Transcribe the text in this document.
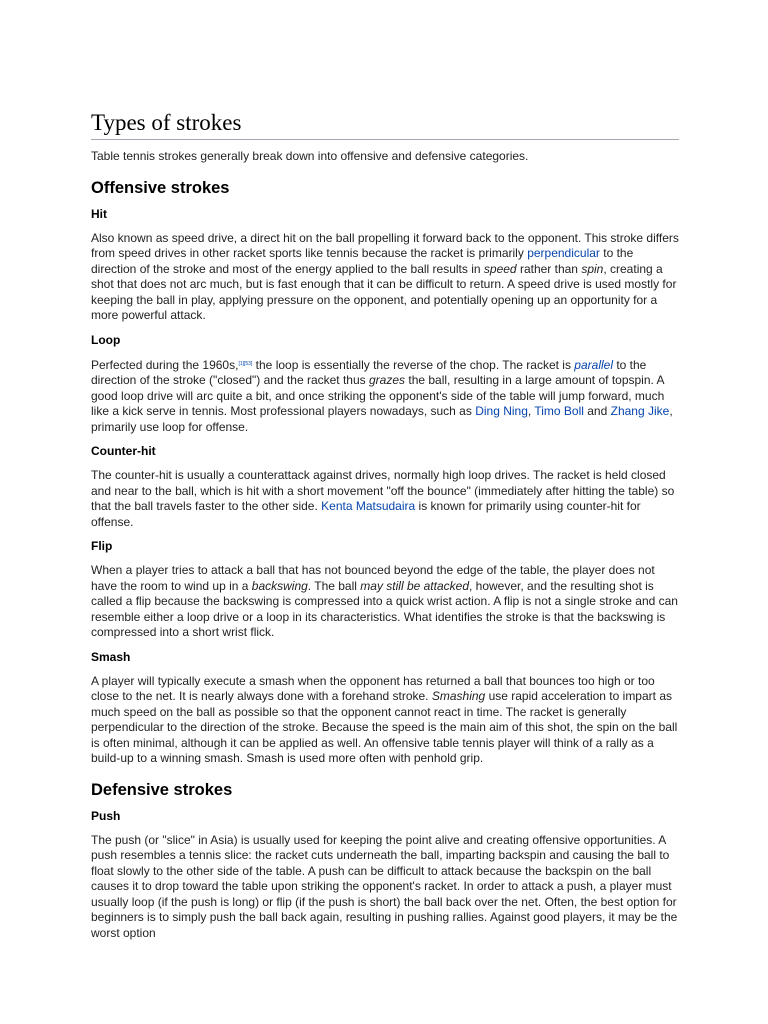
Types of strokes

Table tennis strokes generally break down into offensive and defensive categories.

Offensive strokes
Hit

Also known as speed drive, a direct hit on the ball propelling it forward back to the opponent. This stroke differs from speed drives in other racket sports like tennis because the racket is primarily perpendicular to the direction of the stroke and most of the energy applied to the ball results in speed rather than spin, creating a shot that does not arc much, but is fast enough that it can be difficult to return. A speed drive is used mostly for keeping the ball in play, applying pressure on the opponent, and potentially opening up an opportunity for a more powerful attack.

Loop

Perfected during the 1960s,[1][53] the loop is essentially the reverse of the chop. The racket is parallel to the direction of the stroke ("closed") and the racket thus grazes the ball, resulting in a large amount of topspin. A good loop drive will arc quite a bit, and once striking the opponent's side of the table will jump forward, much like a kick serve in tennis. Most professional players nowadays, such as Ding Ning, Timo Boll and Zhang Jike, primarily use loop for offense.

Counter-hit

The counter-hit is usually a counterattack against drives, normally high loop drives. The racket is held closed and near to the ball, which is hit with a short movement "off the bounce" (immediately after hitting the table) so that the ball travels faster to the other side. Kenta Matsudaira is known for primarily using counter-hit for offense.

Flip

When a player tries to attack a ball that has not bounced beyond the edge of the table, the player does not have the room to wind up in a backswing. The ball may still be attacked, however, and the resulting shot is called a flip because the backswing is compressed into a quick wrist action. A flip is not a single stroke and can resemble either a loop drive or a loop in its characteristics. What identifies the stroke is that the backswing is compressed into a short wrist flick.

Smash

A player will typically execute a smash when the opponent has returned a ball that bounces too high or too close to the net. It is nearly always done with a forehand stroke. Smashing use rapid acceleration to impart as much speed on the ball as possible so that the opponent cannot react in time. The racket is generally perpendicular to the direction of the stroke. Because the speed is the main aim of this shot, the spin on the ball is often minimal, although it can be applied as well. An offensive table tennis player will think of a rally as a build-up to a winning smash. Smash is used more often with penhold grip.

Defensive strokes
Push

The push (or "slice" in Asia) is usually used for keeping the point alive and creating offensive opportunities. A push resembles a tennis slice: the racket cuts underneath the ball, imparting backspin and causing the ball to float slowly to the other side of the table. A push can be difficult to attack because the backspin on the ball causes it to drop toward the table upon striking the opponent's racket. In order to attack a push, a player must usually loop (if the push is long) or flip (if the push is short) the ball back over the net. Often, the best option for beginners is to simply push the ball back again, resulting in pushing rallies. Against good players, it may be the worst option
